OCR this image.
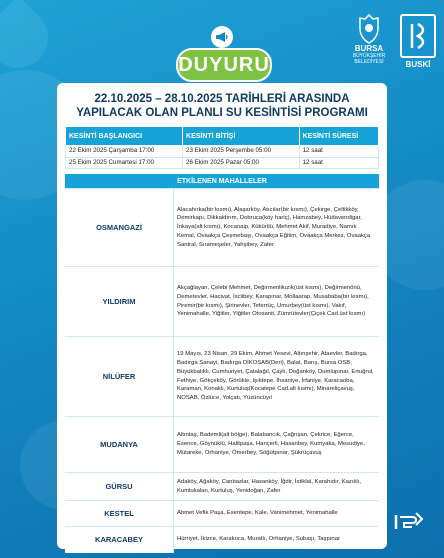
DUYURU
BURSA
BÜYÜKŞEHİR
BELEDİYESİ	BUSKİ
22.10.2025 – 28.10.2025 TARİHLERİ ARASINDA
YAPILACAK OLAN PLANLI SU KESİNTİSİ PROGRAMI
KESİNTİ BAŞLANGICI	KESİNTİ BİTİŞİ	KESİNTİ SÜRESİ
22 Ekim 2025 Çarşamba 17:00	23 Ekim 2025 Perşembe 05:00	12 saat
25 Ekim 2025 Cumartesi 17:00	26 Ekim 2025 Pazar 05:00	12 saat
ETKİLENEN MAHALLELER	
OSMANGAZİ	Alacahırka(bir kısmı), Alaşarköy, Atıcılar(bir kısmı), Çekirge, Çeltikköy, Demirkapı, Dikkaldırım, Dobruca(köy hariç), Hamzabey, Hüdavendigar, İnkaya(alt kısmı), Kocanaip, Kükürtlü, Mehmet Akif, Muradiye, Namık Kemal, Ovaakça Çeşmebaşı, Ovaakça Eğitim, Ovaakça Merkez, Ovaakça Santral, Sırameşeler, Yahşibey, Zafer
YILDIRIM	Akçağlayan, Çelebi Mehmet, Değirmenlikızık(üst kısmı), Değirmenönü, Demetevler, Hacivat, İsciibey, Karapınar, Mollaarap, Musababa(bir kısmı), Piremir(bir kısmı), Şirinevler, Teferrüç, Umurbey(üst kısmı), Vakıf, Yenimahalle, Yiğitler, Yiğitler Otosanit, Zümrütevler(Çiçek Cad.üst kısmı)
NİLÜFER	19 Mayıs, 23 Nisan, 29 Ekim, Ahmet Yesevi, Altınşehir, Ataevler, Badırga, Badırga Sanayi, Badırga DİKOSAB(Deri), Balat, Barış, Bursa OSB, Büyükbalıklı, Cumhuriyet, Çatalağıl, Çaylı, Doğanköy, Dumlupınar, Ertuğrul, Fethiye, Gökçeköy, Görükle, Işıktepe, İhsaniye, İrfaniye, Karacaoba, Karaman, Konaklı, Kurtuluş(Kocatepe Cad.alt kısmı), Minareliçavuş, NOSAB, Özlüce, Yolçatı, Yüzüncüyıl
MUDANYA	Altıntaş, Bademli(alt bölge), Balabancık, Çağrışan, Çekrice, Eğerce, Esence, Göynüklü, Halitpaşa, Hançerli, Hasanbey, Kumyaka, Mesudiye, Mütareke, Orhaniye, Ömerbey, Söğütpınar, Şükrüçavuş
GÜRSU	Adaköy, Ağaköy, Canbazlar, Hasanköy, İğdir, İstiklal, Karahıdır, Kazıklı, Kumlukalan, Kurtuluş, Yenidoğan, Zafer
KESTEL	Ahmet Vefik Paşa, Esentepe, Kale, Vanimehmet, Yenimahalle
KARACABEY	Hürriyet, İkizce, Karakoca, Muratlı, Orhaniye, Subaşı, Taşpınar
